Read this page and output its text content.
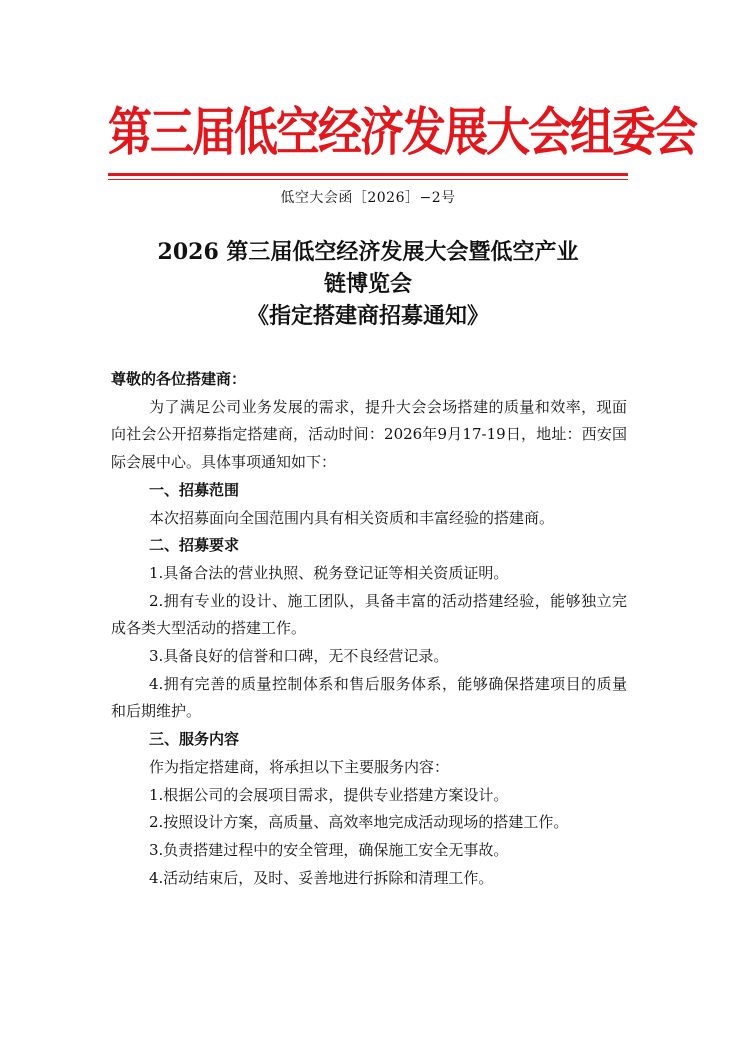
第三届低空经济发展大会组委会
低空大会函［2026］−2号
2026 第三届低空经济发展大会暨低空产业
链博览会
《指定搭建商招募通知》

尊敬的各位搭建商：

为了满足公司业务发展的需求，提升大会会场搭建的质量和效率，现面向社会公开招募指定搭建商，活动时间：2026年9月17-19日，地址：西安国际会展中心。具体事项通知如下：

一、招募范围

本次招募面向全国范围内具有相关资质和丰富经验的搭建商。

二、招募要求

1.具备合法的营业执照、税务登记证等相关资质证明。

2.拥有专业的设计、施工团队，具备丰富的活动搭建经验，能够独立完成各类大型活动的搭建工作。

3.具备良好的信誉和口碑，无不良经营记录。

4.拥有完善的质量控制体系和售后服务体系，能够确保搭建项目的质量和后期维护。

三、服务内容

作为指定搭建商，将承担以下主要服务内容：

1.根据公司的会展项目需求，提供专业搭建方案设计。

2.按照设计方案，高质量、高效率地完成活动现场的搭建工作。

3.负责搭建过程中的安全管理，确保施工安全无事故。

4.活动结束后，及时、妥善地进行拆除和清理工作。
